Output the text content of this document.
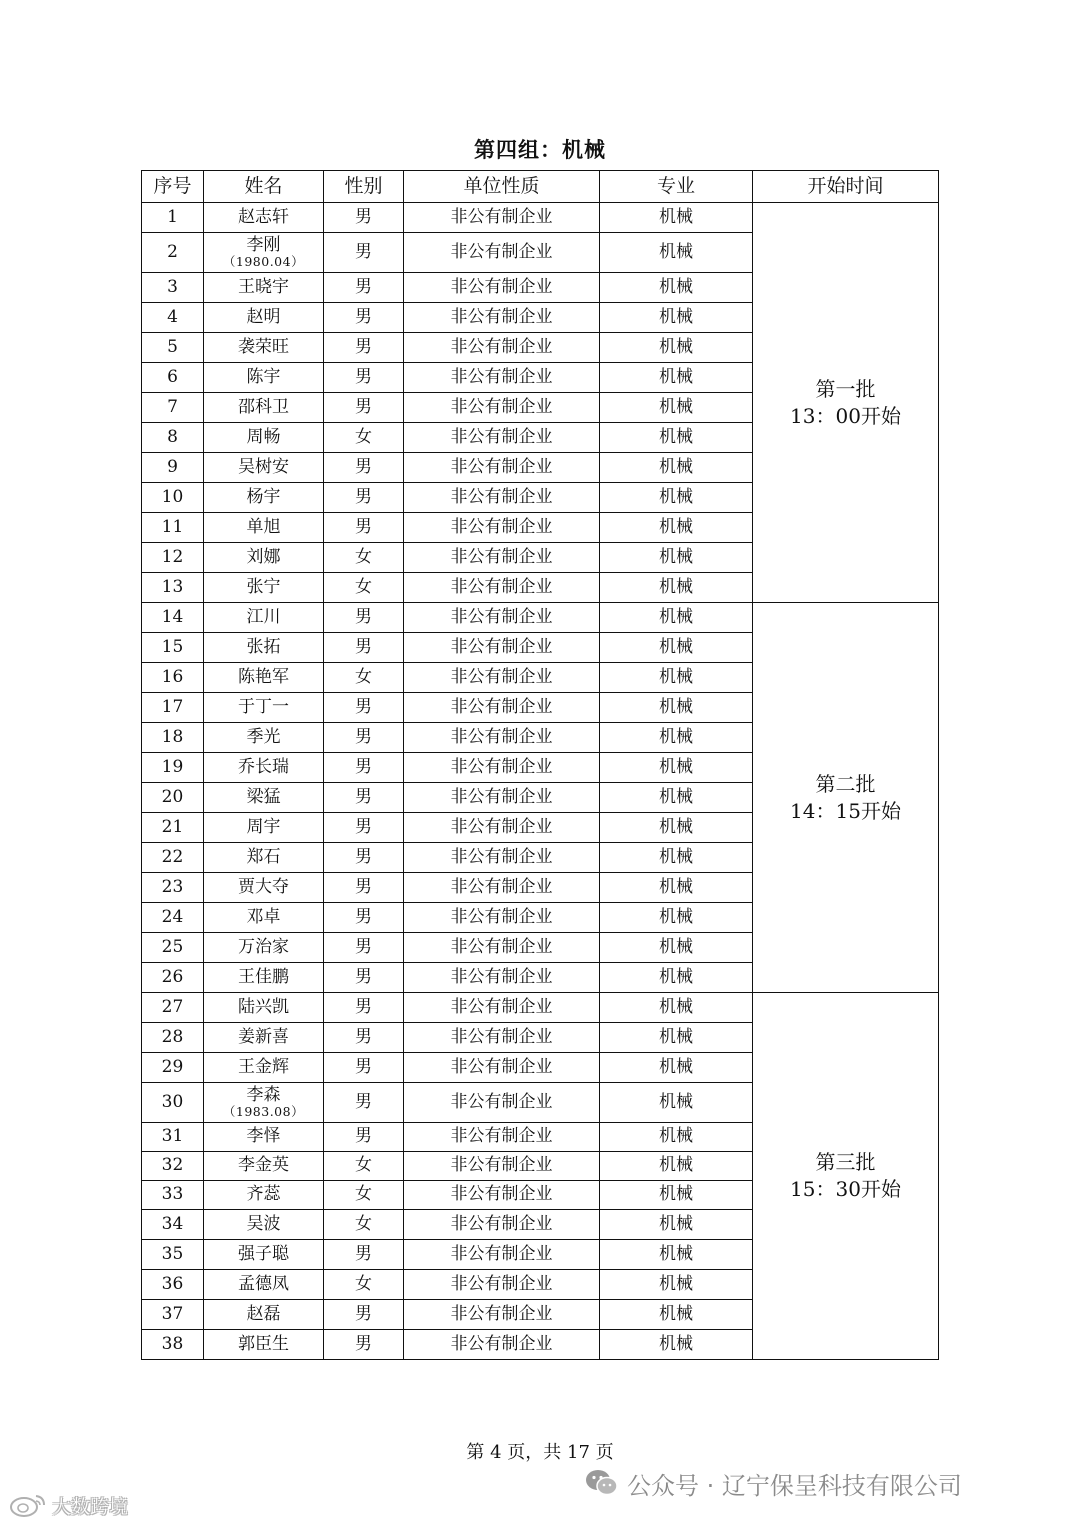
第四组：机械
序号	姓名	性别	单位性质	专业	开始时间
1	赵志轩	男	非公有制企业	机械	第一批
13：00开始

2	李刚
（1980.04）	男	非公有制企业	机械	
3	王晓宇	男	非公有制企业	机械	
4	赵明	男	非公有制企业	机械	
5	袭荣旺	男	非公有制企业	机械	
6	陈宇	男	非公有制企业	机械	
7	邵科卫	男	非公有制企业	机械	
8	周畅	女	非公有制企业	机械	
9	吴树安	男	非公有制企业	机械	
10	杨宇	男	非公有制企业	机械	
11	单旭	男	非公有制企业	机械	
12	刘娜	女	非公有制企业	机械	
13	张宁	女	非公有制企业	机械	
14	江川	男	非公有制企业	机械	第二批
14：15开始

15	张拓	男	非公有制企业	机械	
16	陈艳军	女	非公有制企业	机械	
17	于丁一	男	非公有制企业	机械	
18	季光	男	非公有制企业	机械	
19	乔长瑞	男	非公有制企业	机械	
20	梁猛	男	非公有制企业	机械	
21	周宇	男	非公有制企业	机械	
22	郑石	男	非公有制企业	机械	
23	贾大夺	男	非公有制企业	机械	
24	邓卓	男	非公有制企业	机械	
25	万治家	男	非公有制企业	机械	
26	王佳鹏	男	非公有制企业	机械	
27	陆兴凯	男	非公有制企业	机械	第三批
15：30开始

28	姜新喜	男	非公有制企业	机械	
29	王金辉	男	非公有制企业	机械	
30	李森
（1983.08）	男	非公有制企业	机械	
31	李怿	男	非公有制企业	机械	
32	李金英	女	非公有制企业	机械	
33	齐蕊	女	非公有制企业	机械	
34	吴波	女	非公有制企业	机械	
35	强子聪	男	非公有制企业	机械	
36	孟德凤	女	非公有制企业	机械	
37	赵磊	男	非公有制企业	机械	
38	郭臣生	男	非公有制企业	机械	
第 4 页，共 17 页
公众号 · 辽宁保呈科技有限公司
大数跨境
